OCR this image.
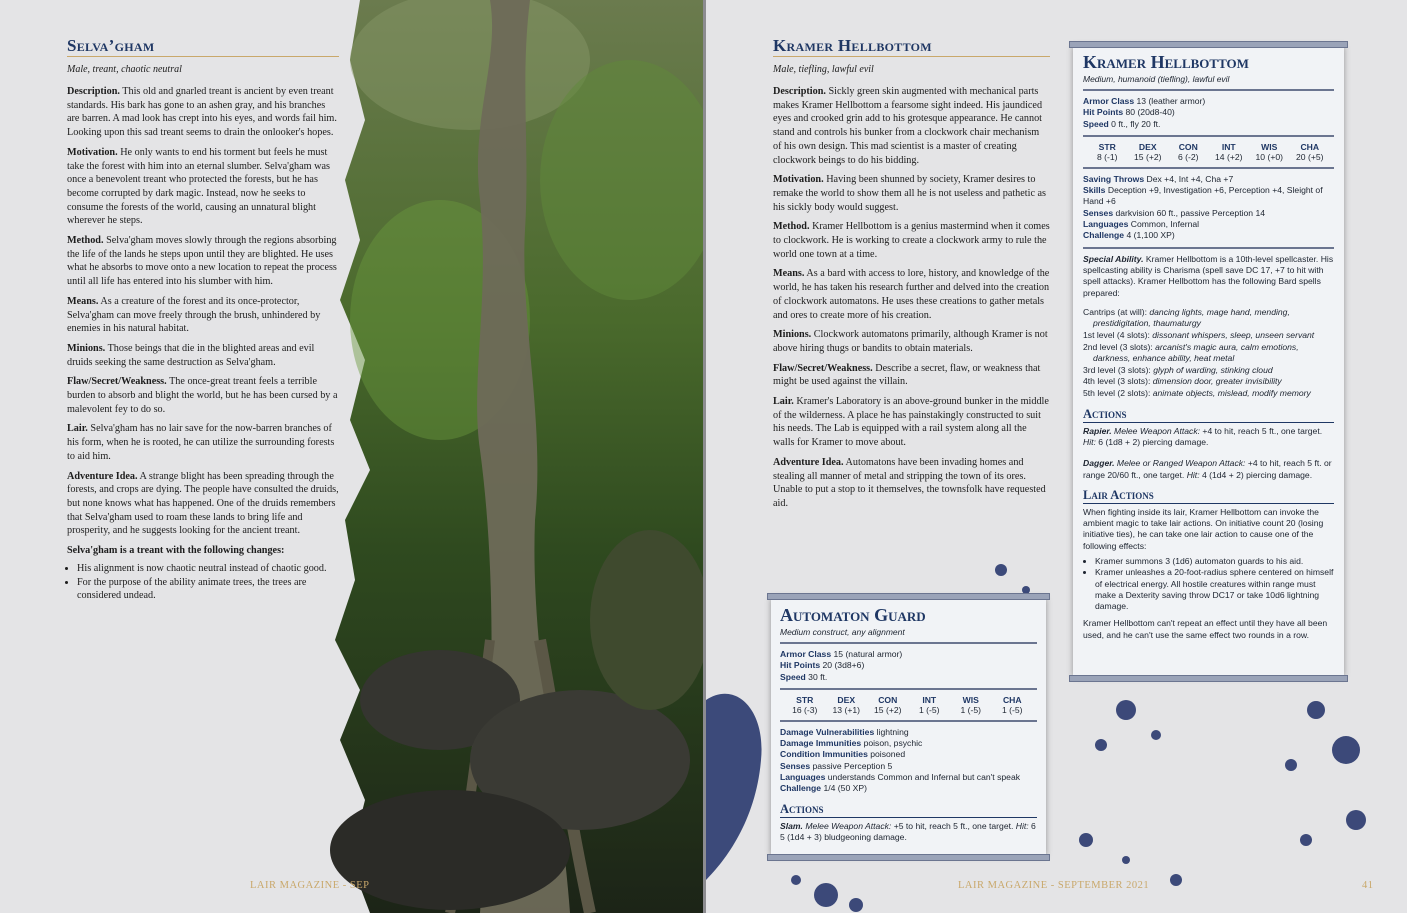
Selva’gham
Male, treant, chaotic neutral

Description. This old and gnarled treant is ancient by even treant standards. His bark has gone to an ashen gray, and his branches are barren. A mad look has crept into his eyes, and words fail him. Looking upon this sad treant seems to drain the onlooker's hopes.

Motivation. He only wants to end his torment but feels he must take the forest with him into an eternal slumber. Selva'gham was once a benevolent treant who protected the forests, but he has become corrupted by dark magic. Instead, now he seeks to consume the forests of the world, causing an unnatural blight wherever he steps.

Method. Selva'gham moves slowly through the regions absorbing the life of the lands he steps upon until they are blighted. He uses what he absorbs to move onto a new location to repeat the process until all life has entered into his slumber with him.

Means. As a creature of the forest and its once-protector, Selva'gham can move freely through the brush, unhindered by enemies in his natural habitat.

Minions. Those beings that die in the blighted areas and evil druids seeking the same destruction as Selva'gham.

Flaw/Secret/Weakness. The once-great treant feels a terrible burden to absorb and blight the world, but he has been cursed by a malevolent fey to do so.

Lair. Selva'gham has no lair save for the now-barren branches of his form, when he is rooted, he can utilize the surrounding forests to aid him.

Adventure Idea. A strange blight has been spreading through the forests, and crops are dying. The people have consulted the druids, but none knows what has happened. One of the druids remembers that Selva'gham used to roam these lands to bring life and prosperity, and he suggests looking for the ancient treant.

Selva'gham is a treant with the following changes:
• His alignment is now chaotic neutral instead of chaotic good.
• For the purpose of the ability animate trees, the trees are considered undead.
LAIR MAGAZINE - SEP
Kramer Hellbottom
Male, tiefling, lawful evil

Description. Sickly green skin augmented with mechanical parts makes Kramer Hellbottom a fearsome sight indeed. His jaundiced eyes and crooked grin add to his grotesque appearance. He cannot stand and controls his bunker from a clockwork chair mechanism of his own design. This mad scientist is a master of creating clockwork beings to do his bidding.

Motivation. Having been shunned by society, Kramer desires to remake the world to show them all he is not useless and pathetic as his sickly body would suggest.

Method. Kramer Hellbottom is a genius mastermind when it comes to clockwork. He is working to create a clockwork army to rule the world one town at a time.

Means. As a bard with access to lore, history, and knowledge of the world, he has taken his research further and delved into the creation of clockwork automatons. He uses these creations to gather metals and ores to create more of his creation.

Minions. Clockwork automatons primarily, although Kramer is not above hiring thugs or bandits to obtain materials.

Flaw/Secret/Weakness. Describe a secret, flaw, or weakness that might be used against the villain.

Lair. Kramer's Laboratory is an above-ground bunker in the middle of the wilderness. A place he has painstakingly constructed to suit his needs. The Lab is equipped with a rail system along all the walls for Kramer to move about.

Adventure Idea. Automatons have been invading homes and stealing all manner of metal and stripping the town of its ores. Unable to put a stop to it themselves, the townsfolk have requested aid.

LAIR MAGAZINE - SEPTEMBER 2021	41
Kramer Hellbottom
Medium, humanoid (tiefling), lawful evil
Armor Class 13 (leather armor)
Hit Points 80 (20d8-40)
Speed 0 ft., fly 20 ft.
STR
8 (-1)
DEX
15 (+2)
CON
6 (-2)
INT
14 (+2)
WIS
10 (+0)
CHA
20 (+5)
Saving Throws Dex +4, Int +4, Cha +7
Skills Deception +9, Investigation +6, Perception +4, Sleight of Hand +6
Senses darkvision 60 ft., passive Perception 14
Languages Common, Infernal
Challenge 4 (1,100 XP)

Special Ability. Kramer Hellbottom is a 10th-level spellcaster. His spellcasting ability is Charisma (spell save DC 17, +7 to hit with spell attacks). Kramer Hellbottom has the following Bard spells prepared:

Cantrips (at will): dancing lights, mage hand, mending,
prestidigitation, thaumaturgy
1st level (4 slots): dissonant whispers, sleep, unseen servant
2nd level (3 slots): arcanist's magic aura, calm emotions,
darkness, enhance ability, heat metal
3rd level (3 slots): glyph of warding, stinking cloud
4th level (3 slots): dimension door, greater invisibility
5th level (2 slots): animate objects, mislead, modify memory
Actions

Rapier. Melee Weapon Attack: +4 to hit, reach 5 ft., one target. Hit: 6 (1d8 + 2) piercing damage.

Dagger. Melee or Ranged Weapon Attack: +4 to hit, reach 5 ft. or range 20/60 ft., one target. Hit: 4 (1d4 + 2) piercing damage.

Lair Actions

When fighting inside its lair, Kramer Hellbottom can invoke the ambient magic to take lair actions. On initiative count 20 (losing initiative ties), he can take one lair action to cause one of the following effects:

• Kramer summons 3 (1d6) automaton guards to his aid.
• Kramer unleashes a 20-foot-radius sphere centered on himself of electrical energy. All hostile creatures within range must make a Dexterity saving throw DC17 or take 10d6 lightning damage.

Kramer Hellbottom can't repeat an effect until they have all been used, and he can't use the same effect two rounds in a row.

Automaton Guard
Medium construct, any alignment
Armor Class 15 (natural armor)
Hit Points 20 (3d8+6)
Speed 30 ft.
STR
16 (-3)
DEX
13 (+1)
CON
15 (+2)
INT
1 (-5)
WIS
1 (-5)
CHA
1 (-5)
Damage Vulnerabilities lightning
Damage Immunities poison, psychic
Condition Immunities poisoned
Senses passive Perception 5
Languages understands Common and Infernal but can't speak
Challenge 1/4 (50 XP)
Actions

Slam. Melee Weapon Attack: +5 to hit, reach 5 ft., one target. Hit: 6 5 (1d4 + 3) bludgeoning damage.
